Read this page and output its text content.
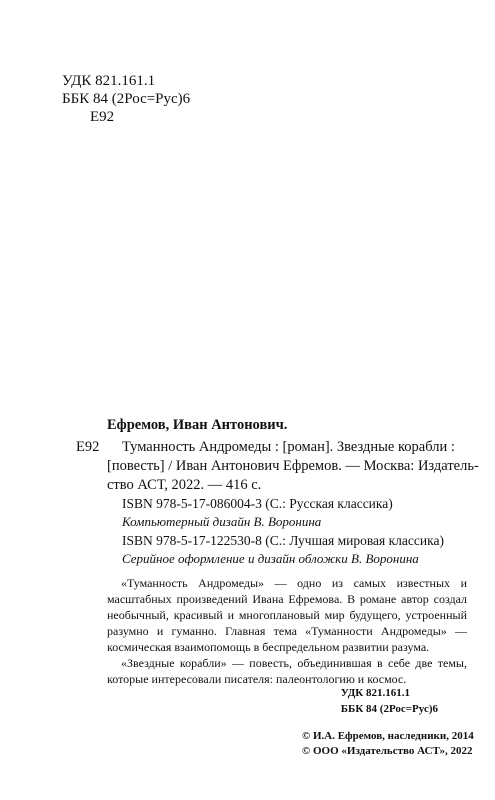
УДК 821.161.1
ББК 84 (2Рос=Рус)6
Е92
Ефремов, Иван Антонович.
Е92 Туманность Андромеды : [роман]. Звездные корабли :
[повесть] / Иван Антонович Ефремов. — Москва: Издатель-
ство АСТ, 2022. — 416 с.
ISBN 978-5-17-086004-3 (С.: Русская классика)
Компьютерный дизайн В. Воронина
ISBN 978-5-17-122530-8 (С.: Лучшая мировая классика)
Серийное оформление и дизайн обложки В. Воронина

«Туманность Андромеды» — одно из самых известных и масштабных произведений Ивана Ефремова. В романе автор создал необычный, красивый и многоплановый мир будущего, устроенный разумно и гуманно. Главная тема «Туманности Андромеды» — космическая взаимопомощь в беспредельном развитии разума.

«Звездные корабли» — повесть, объединившая в себе две темы, которые интересовали писателя: палеонтологию и космос.

УДК 821.161.1
ББК 84 (2Рос=Рус)6
© И.А. Ефремов, наследники, 2014
© ООО «Издательство АСТ», 2022
